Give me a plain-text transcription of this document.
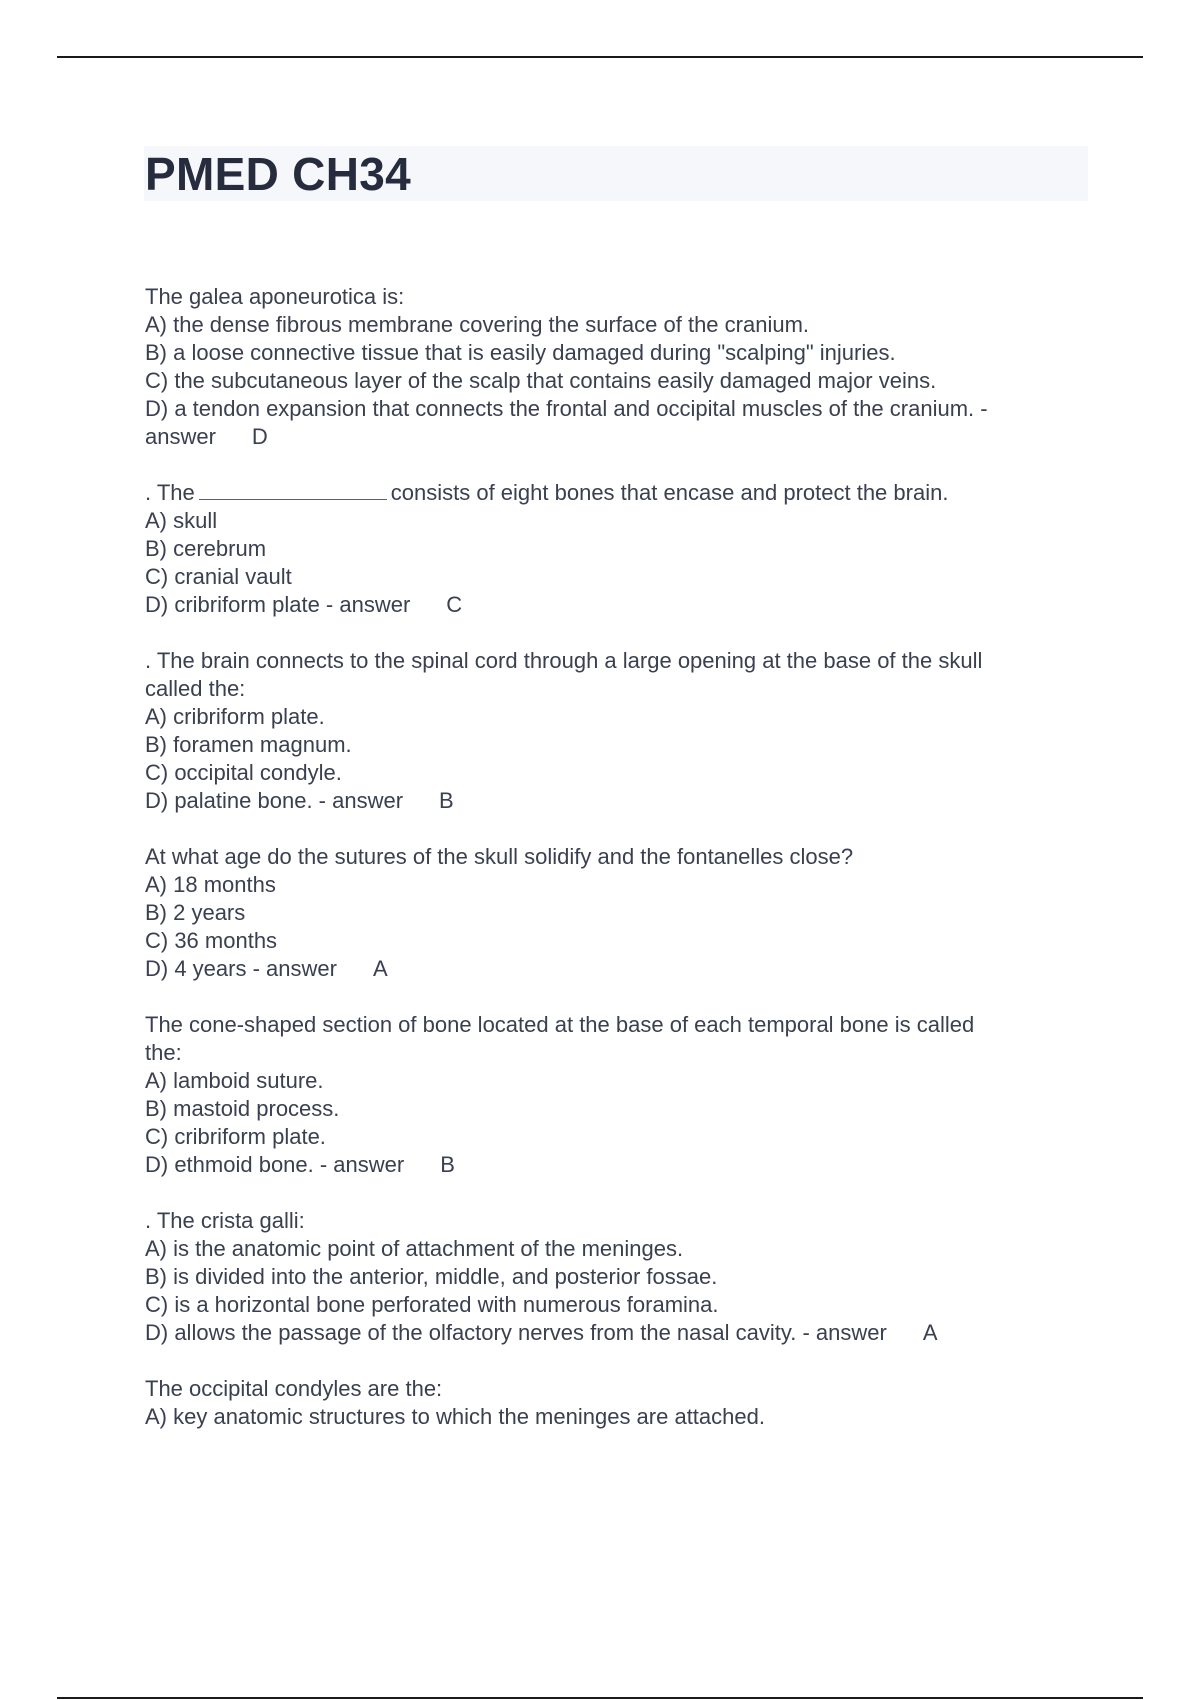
PMED CH34
The galea aponeurotica is:
A) the dense fibrous membrane covering the surface of the cranium.
B) a loose connective tissue that is easily damaged during "scalping" injuries.
C) the subcutaneous layer of the scalp that contains easily damaged major veins.
D) a tendon expansion that connects the frontal and occipital muscles of the cranium. -
answer D
. The	consists of eight bones that encase and protect the brain.
A) skull
B) cerebrum
C) cranial vault
D) cribriform plate - answer C
. The brain connects to the spinal cord through a large opening at the base of the skull
called the:
A) cribriform plate.
B) foramen magnum.
C) occipital condyle.
D) palatine bone. - answer B
At what age do the sutures of the skull solidify and the fontanelles close?
A) 18 months
B) 2 years
C) 36 months
D) 4 years - answer A
The cone-shaped section of bone located at the base of each temporal bone is called
the:
A) lamboid suture.
B) mastoid process.
C) cribriform plate.
D) ethmoid bone. - answer B
. The crista galli:
A) is the anatomic point of attachment of the meninges.
B) is divided into the anterior, middle, and posterior fossae.
C) is a horizontal bone perforated with numerous foramina.
D) allows the passage of the olfactory nerves from the nasal cavity. - answer A
The occipital condyles are the:
A) key anatomic structures to which the meninges are attached.
